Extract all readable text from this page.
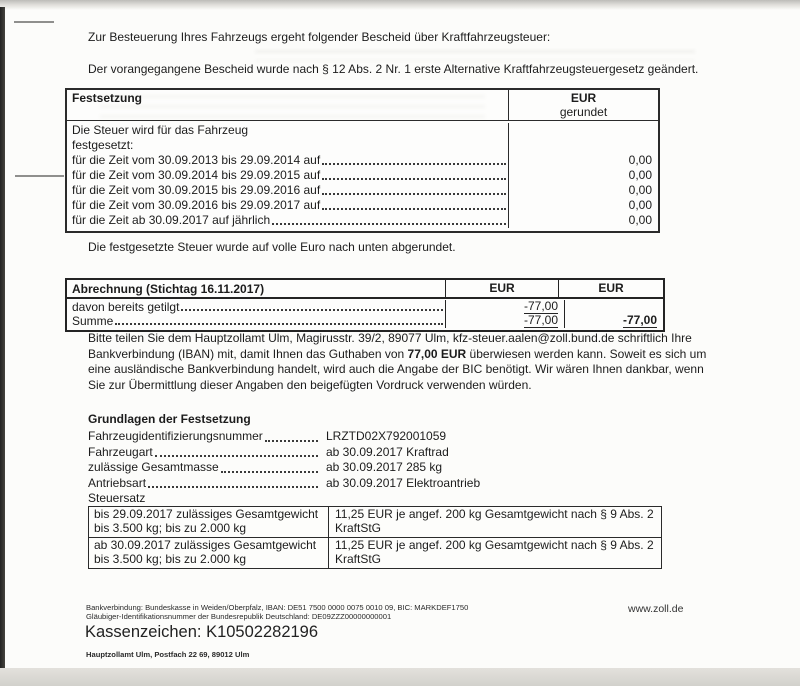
Zur Besteuerung Ihres Fahrzeugs ergeht folgender Bescheid über Kraftfahrzeugsteuer:
Der vorangegangene Bescheid wurde nach § 12 Abs. 2 Nr. 1 erste Alternative Kraftfahrzeugsteuergesetz geändert.
Festsetzung	EUR
gerundet
Die Steuer wird für das Fahrzeug
festgesetzt:
für die Zeit vom 30.09.2013 bis 29.09.2014 auf	0,00
für die Zeit vom 30.09.2014 bis 29.09.2015 auf	0,00
für die Zeit vom 30.09.2015 bis 29.09.2016 auf	0,00
für die Zeit vom 30.09.2016 bis 29.09.2017 auf	0,00
für die Zeit ab 30.09.2017 auf jährlich	0,00
Die festgesetzte Steuer wurde auf volle Euro nach unten abgerundet.
Abrechnung (Stichtag 16.11.2017)	EUR	EUR
davon bereits getilgt	-77,00
Summe	-77,00	-77,00
Bitte teilen Sie dem Hauptzollamt Ulm, Magirusstr. 39/2, 89077 Ulm, kfz-steuer.aalen@zoll.bund.de schriftlich Ihre Bankverbindung (IBAN) mit, damit Ihnen das Guthaben von 77,00 EUR überwiesen werden kann. Soweit es sich um eine ausländische Bankverbindung handelt, wird auch die Angabe der BIC benötigt. Wir wären Ihnen dankbar, wenn Sie zur Übermittlung dieser Angaben den beigefügten Vordruck verwenden würden.
Grundlagen der Festsetzung
Fahrzeugidentifizierungsnummer	LRZTD02X792001059
Fahrzeugart	ab 30.09.2017 Kraftrad
zulässige Gesamtmasse	ab 30.09.2017 285 kg
Antriebsart	ab 30.09.2017 Elektroantrieb
Steuersatz
bis 29.09.2017 zulässiges Gesamtgewicht bis 3.500 kg; bis zu 2.000 kg
11,25 EUR je angef. 200 kg Gesamtgewicht nach § 9 Abs. 2 KraftStG
ab 30.09.2017 zulässiges Gesamtgewicht bis 3.500 kg; bis zu 2.000 kg
11,25 EUR je angef. 200 kg Gesamtgewicht nach § 9 Abs. 2 KraftStG
Bankverbindung: Bundeskasse in Weiden/Oberpfalz, IBAN: DE51 7500 0000 0075 0010 09, BIC: MARKDEF1750
Gläubiger-Identifikationsnummer der Bundesrepublik Deutschland: DE09ZZZ00000000001
Kassenzeichen: K10502282196
Hauptzollamt Ulm, Postfach 22 69, 89012 Ulm
www.zoll.de
